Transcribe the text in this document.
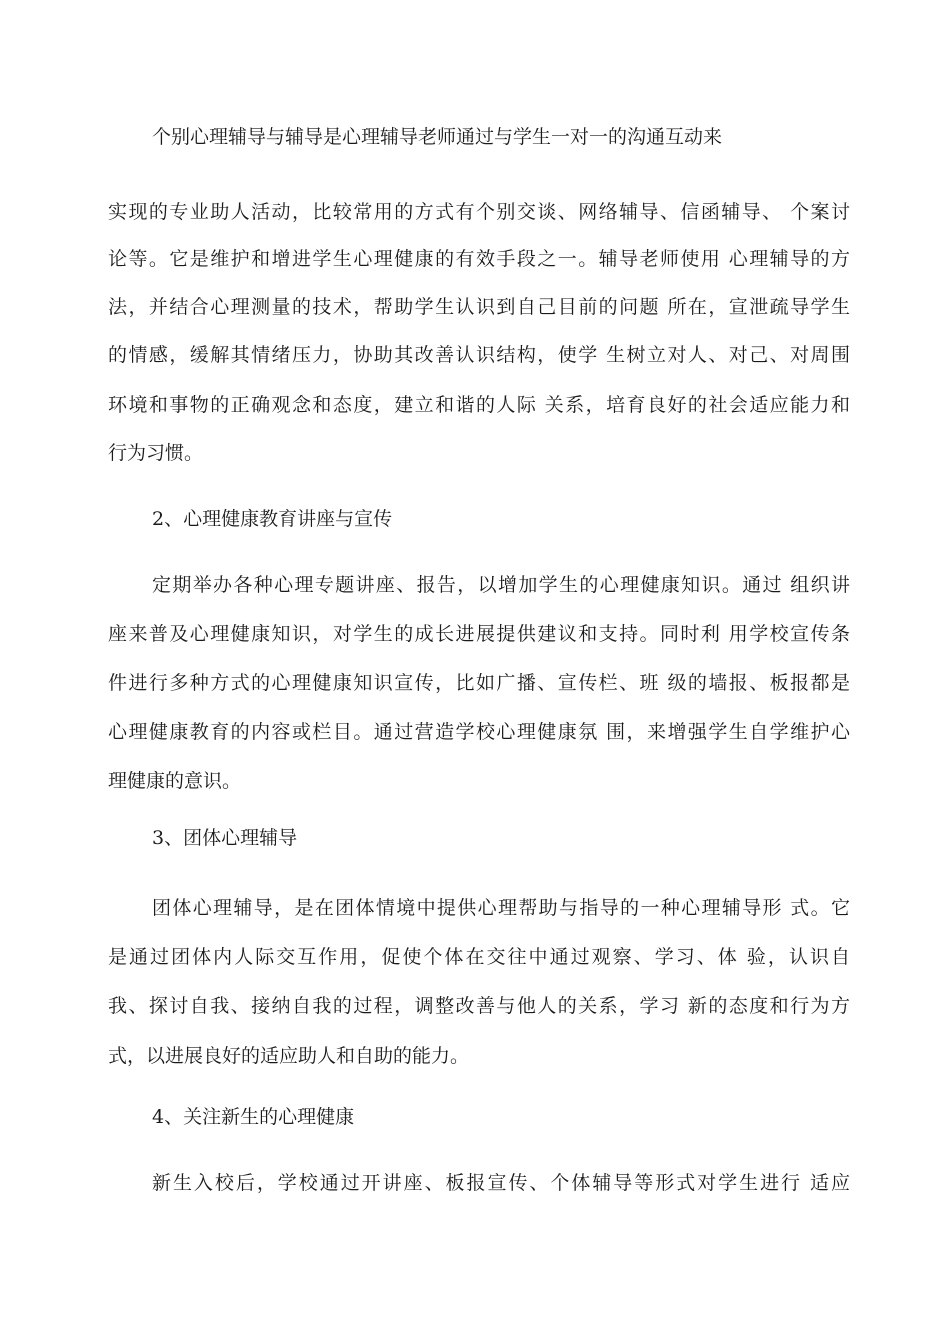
个别心理辅导与辅导是心理辅导老师通过与学生一对一的沟通互动来
实现的专业助人活动，比较常用的方式有个别交谈、网络辅导、信函辅导、 个案讨
论等。它是维护和增进学生心理健康的有效手段之一。辅导老师使用 心理辅导的方
法，并结合心理测量的技术，帮助学生认识到自己目前的问题 所在，宣泄疏导学生
的情感，缓解其情绪压力，协助其改善认识结构，使学 生树立对人、对己、对周围
环境和事物的正确观念和态度，建立和谐的人际 关系，培育良好的社会适应能力和
行为习惯。
2、心理健康教育讲座与宣传
定期举办各种心理专题讲座、报告，以增加学生的心理健康知识。通过 组织讲
座来普及心理健康知识，对学生的成长进展提供建议和支持。同时利 用学校宣传条
件进行多种方式的心理健康知识宣传，比如广播、宣传栏、班 级的墙报、板报都是
心理健康教育的内容或栏目。通过营造学校心理健康氛 围，来增强学生自学维护心
理健康的意识。
3、团体心理辅导
团体心理辅导，是在团体情境中提供心理帮助与指导的一种心理辅导形 式。它
是通过团体内人际交互作用，促使个体在交往中通过观察、学习、体 验，认识自
我、探讨自我、接纳自我的过程，调整改善与他人的关系，学习 新的态度和行为方
式，以进展良好的适应助人和自助的能力。
4、关注新生的心理健康
新生入校后，学校通过开讲座、板报宣传、个体辅导等形式对学生进行 适应
